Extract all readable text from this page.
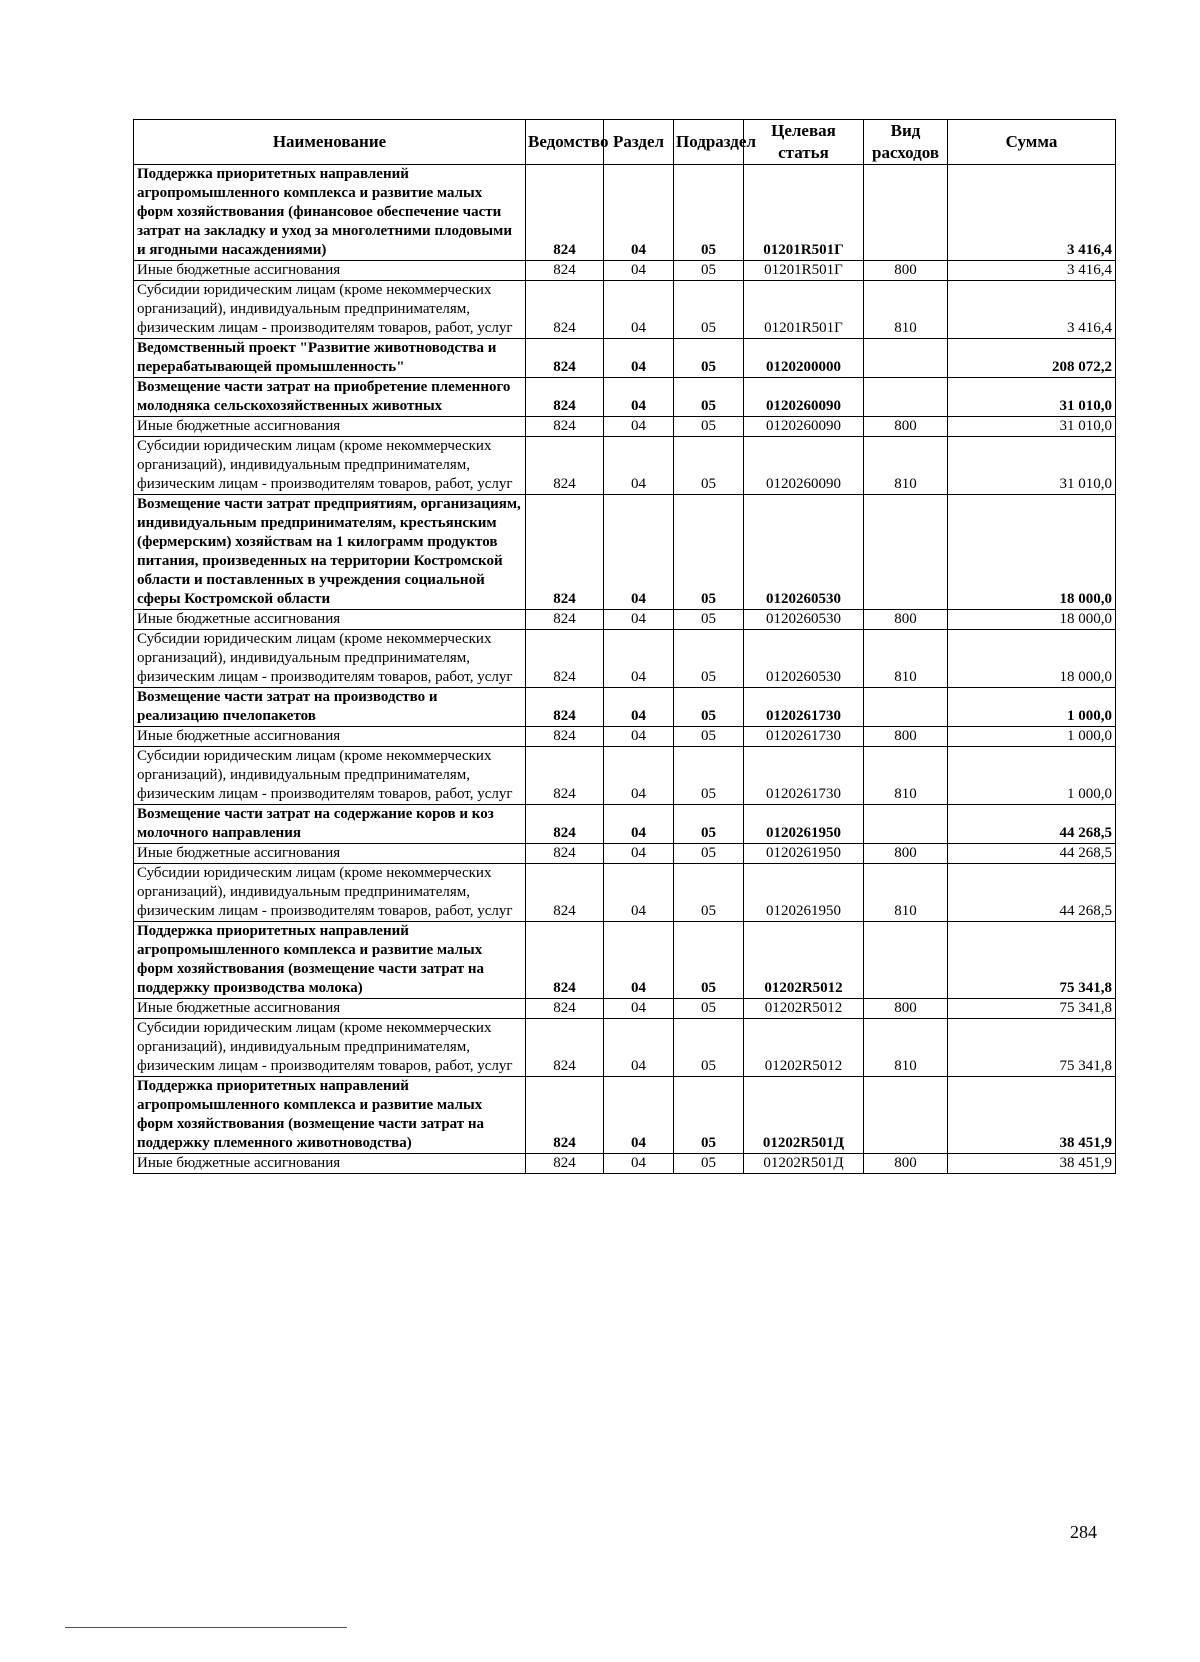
Наименование	Ведомство	Раздел	Подраздел	Целевая статья	Вид расходов	Сумма
Поддержка приоритетных направлений агропромышленного комплекса и развитие малых форм хозяйствования (финансовое обеспечение части затрат на закладку и уход за многолетними плодовыми и ягодными насаждениями)	824	04	05	01201R501Г		3 416,4
Иные бюджетные ассигнования	824	04	05	01201R501Г	800	3 416,4
Субсидии юридическим лицам (кроме некоммерческих организаций), индивидуальным предпринимателям, физическим лицам - производителям товаров, работ, услуг	824	04	05	01201R501Г	810	3 416,4
Ведомственный проект "Развитие животноводства и перерабатывающей промышленность"	824	04	05	0120200000		208 072,2
Возмещение части затрат на приобретение племенного молодняка сельскохозяйственных животных	824	04	05	0120260090		31 010,0
Иные бюджетные ассигнования	824	04	05	0120260090	800	31 010,0
Субсидии юридическим лицам (кроме некоммерческих организаций), индивидуальным предпринимателям, физическим лицам - производителям товаров, работ, услуг	824	04	05	0120260090	810	31 010,0
Возмещение части затрат предприятиям, организациям, индивидуальным предпринимателям, крестьянским (фермерским) хозяйствам на 1 килограмм продуктов питания, произведенных на территории Костромской области и поставленных в учреждения социальной сферы Костромской области	824	04	05	0120260530		18 000,0
Иные бюджетные ассигнования	824	04	05	0120260530	800	18 000,0
Субсидии юридическим лицам (кроме некоммерческих организаций), индивидуальным предпринимателям, физическим лицам - производителям товаров, работ, услуг	824	04	05	0120260530	810	18 000,0
Возмещение части затрат на производство и реализацию пчелопакетов	824	04	05	0120261730		1 000,0
Иные бюджетные ассигнования	824	04	05	0120261730	800	1 000,0
Субсидии юридическим лицам (кроме некоммерческих организаций), индивидуальным предпринимателям, физическим лицам - производителям товаров, работ, услуг	824	04	05	0120261730	810	1 000,0
Возмещение части затрат на содержание коров и коз молочного направления	824	04	05	0120261950		44 268,5
Иные бюджетные ассигнования	824	04	05	0120261950	800	44 268,5
Субсидии юридическим лицам (кроме некоммерческих организаций), индивидуальным предпринимателям, физическим лицам - производителям товаров, работ, услуг	824	04	05	0120261950	810	44 268,5
Поддержка приоритетных направлений агропромышленного комплекса и развитие малых форм хозяйствования (возмещение части затрат на поддержку производства молока)	824	04	05	01202R5012		75 341,8
Иные бюджетные ассигнования	824	04	05	01202R5012	800	75 341,8
Субсидии юридическим лицам (кроме некоммерческих организаций), индивидуальным предпринимателям, физическим лицам - производителям товаров, работ, услуг	824	04	05	01202R5012	810	75 341,8
Поддержка приоритетных направлений агропромышленного комплекса и развитие малых форм хозяйствования (возмещение части затрат на поддержку племенного животноводства)	824	04	05	01202R501Д		38 451,9
Иные бюджетные ассигнования	824	04	05	01202R501Д	800	38 451,9
284
